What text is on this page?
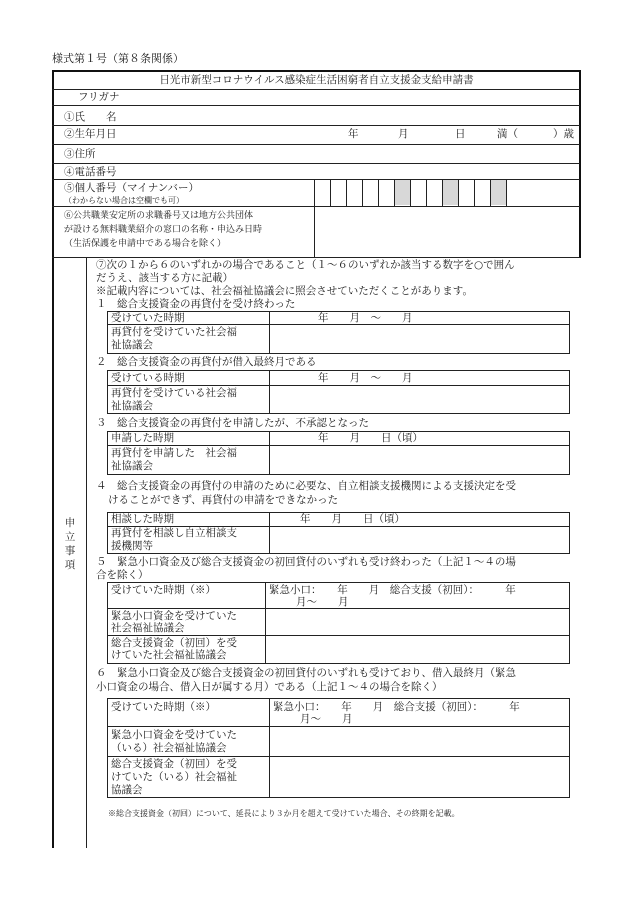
様式第１号（第８条関係）
日光市新型コロナウイルス感染症生活困窮者自立支援金支給申請書
フリガナ
①氏　　名
②生年月日	年	月	日	満（	）歳
③住所
④電話番号
⑤個人番号（マイナンバー）
（わからない場合は空欄でも可）
⑥公共職業安定所の求職番号又は地方公共団体
が設ける無料職業紹介の窓口の名称・申込み日時
（生活保護を申請中である場合を除く）
申
立
事
項
⑦次の１から６のいずれかの場合であること（１～６のいずれか該当する数字を○で囲ん
だうえ、該当する方に記載）
※記載内容については、社会福祉協議会に照会させていただくことがあります。
１　総合支援資金の再貸付を受け終わった
受けていた時期	年　　月　～　　月
再貸付を受けていた社会福
祉協議会
２　総合支援資金の再貸付が借入最終月である
受けている時期	年　　月　～　　月
再貸付を受けている社会福
祉協議会
３　総合支援資金の再貸付を申請したが、不承認となった
申請した時期	年　　月　　日（頃）
再貸付を申請した　社会福
祉協議会
４　総合支援資金の再貸付の申請のために必要な、自立相談支援機関による支援決定を受
けることができず、再貸付の申請をできなかった
相談した時期	年　　月　　日（頃）
再貸付を相談し自立相談支
援機関等
５　緊急小口資金及び総合支援資金の初回貸付のいずれも受け終わった（上記１～４の場
合を除く）
受けていた時期（※）	緊急小口：　　年　　月　総合支援（初回）：　　　年
月～　　月
緊急小口資金を受けていた
社会福祉協議会
総合支援資金（初回）を受
けていた社会福祉協議会
６　緊急小口資金及び総合支援資金の初回貸付のいずれも受けており、借入最終月（緊急
小口資金の場合、借入日が属する月）である（上記１～４の場合を除く）
受けていた時期（※）	緊急小口：　　年　　月　総合支援（初回）：　　　年
月～　　月
緊急小口資金を受けていた
（いる）社会福祉協議会
総合支援資金（初回）を受
けていた（いる）社会福祉
協議会
※総合支援資金（初回）について、延長により３か月を超えて受けていた場合、その終期を記載。
